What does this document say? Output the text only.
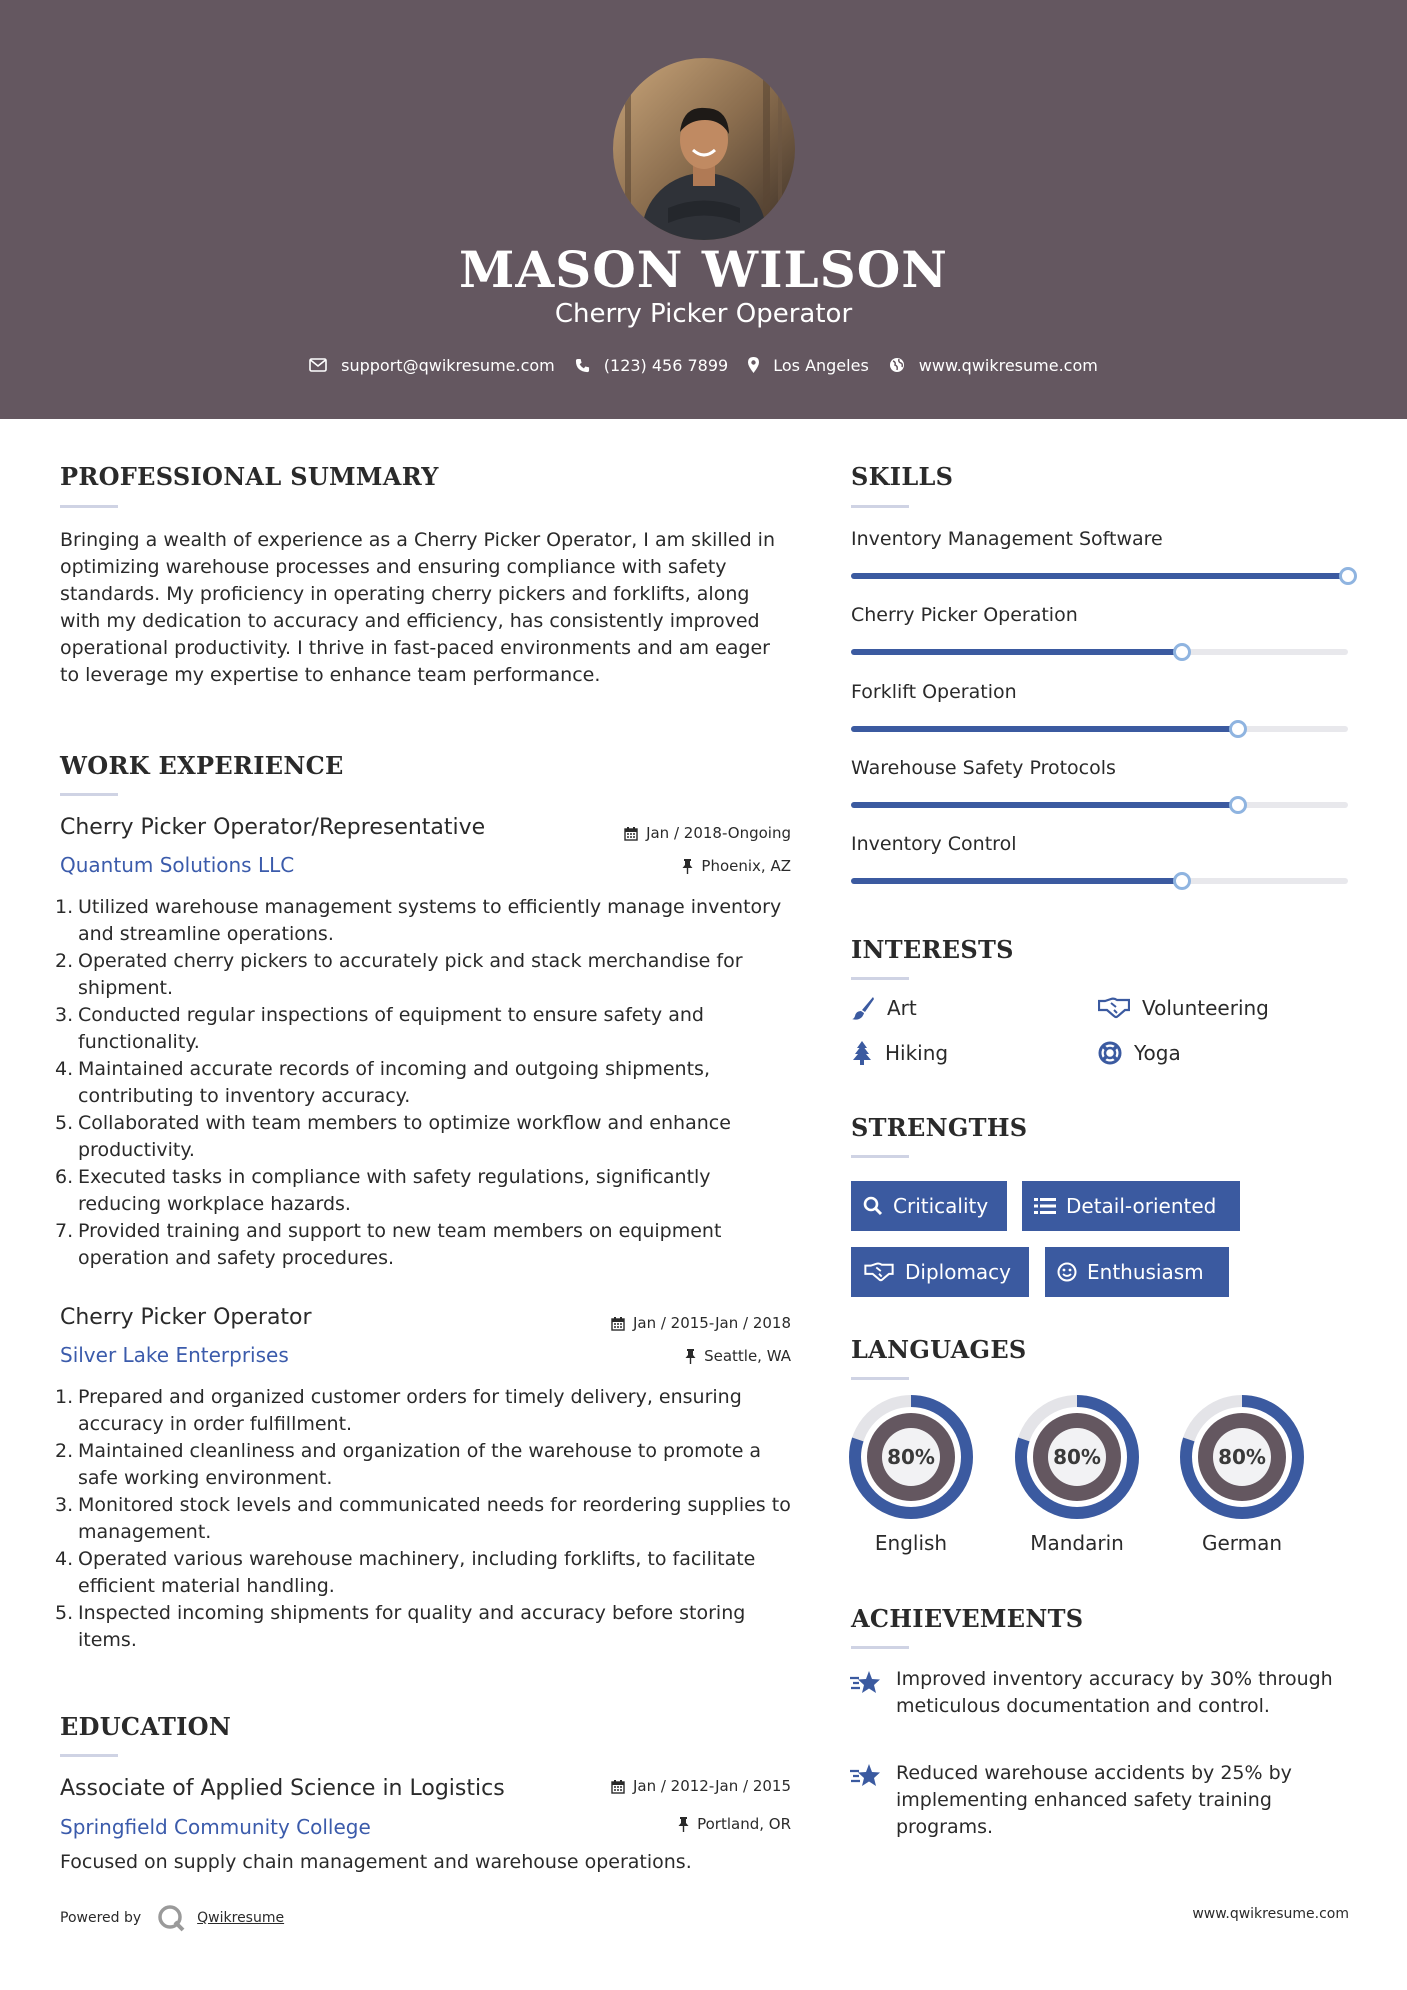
MASON WILSON
Cherry Picker Operator
support@qwikresume.com	(123) 456 7899	Los Angeles	www.qwikresume.com
PROFESSIONAL SUMMARY
Bringing a wealth of experience as a Cherry Picker Operator, I am skilled in optimizing warehouse processes and ensuring compliance with safety standards. My proficiency in operating cherry pickers and forklifts, along with my dedication to accuracy and efficiency, has consistently improved operational productivity. I thrive in fast-paced environments and am eager to leverage my expertise to enhance team performance.
WORK EXPERIENCE
Cherry Picker Operator/Representative	Jan / 2018-Ongoing
Quantum Solutions LLC	Phoenix, AZ
1. Utilized warehouse management systems to efficiently manage inventory and streamline operations.
2. Operated cherry pickers to accurately pick and stack merchandise for shipment.
3. Conducted regular inspections of equipment to ensure safety and functionality.
4. Maintained accurate records of incoming and outgoing shipments, contributing to inventory accuracy.
5. Collaborated with team members to optimize workflow and enhance productivity.
6. Executed tasks in compliance with safety regulations, significantly reducing workplace hazards.
7. Provided training and support to new team members on equipment operation and safety procedures.
Cherry Picker Operator	Jan / 2015-Jan / 2018
Silver Lake Enterprises	Seattle, WA
1. Prepared and organized customer orders for timely delivery, ensuring accuracy in order fulfillment.
2. Maintained cleanliness and organization of the warehouse to promote a safe working environment.
3. Monitored stock levels and communicated needs for reordering supplies to management.
4. Operated various warehouse machinery, including forklifts, to facilitate efficient material handling.
5. Inspected incoming shipments for quality and accuracy before storing items.
EDUCATION
Associate of Applied Science in Logistics	Jan / 2012-Jan / 2015
Springfield Community College	Portland, OR
Focused on supply chain management and warehouse operations.
SKILLS
Inventory Management Software
Cherry Picker Operation
Forklift Operation
Warehouse Safety Protocols
Inventory Control
INTERESTS
Art	Volunteering
Hiking	Yoga
STRENGTHS
Criticality	Detail-oriented
Diplomacy	Enthusiasm
LANGUAGES
80%
English
80%
Mandarin
80%
German
ACHIEVEMENTS
Improved inventory accuracy by 30% through meticulous documentation and control.
Reduced warehouse accidents by 25% by implementing enhanced safety training programs.
Powered by	Qwikresume	www.qwikresume.com
